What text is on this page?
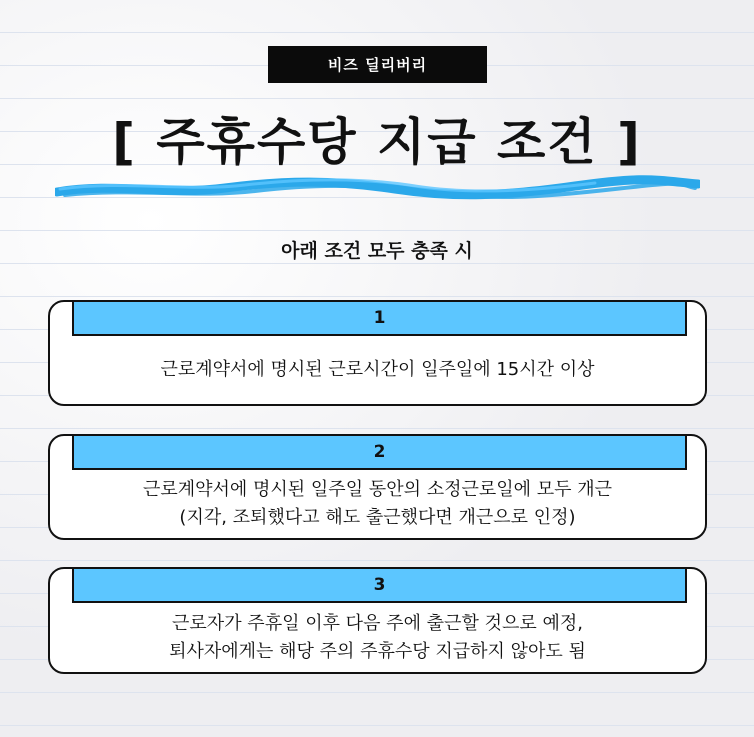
비즈 딜리버리
[ 주휴수당 지급 조건 ]
아래 조건 모두 충족 시
1
근로계약서에 명시된 근로시간이 일주일에 15시간 이상
2
근로계약서에 명시된 일주일 동안의 소정근로일에 모두 개근
(지각, 조퇴했다고 해도 출근했다면 개근으로 인정)
3
근로자가 주휴일 이후 다음 주에 출근할 것으로 예정,
퇴사자에게는 해당 주의 주휴수당 지급하지 않아도 됨
